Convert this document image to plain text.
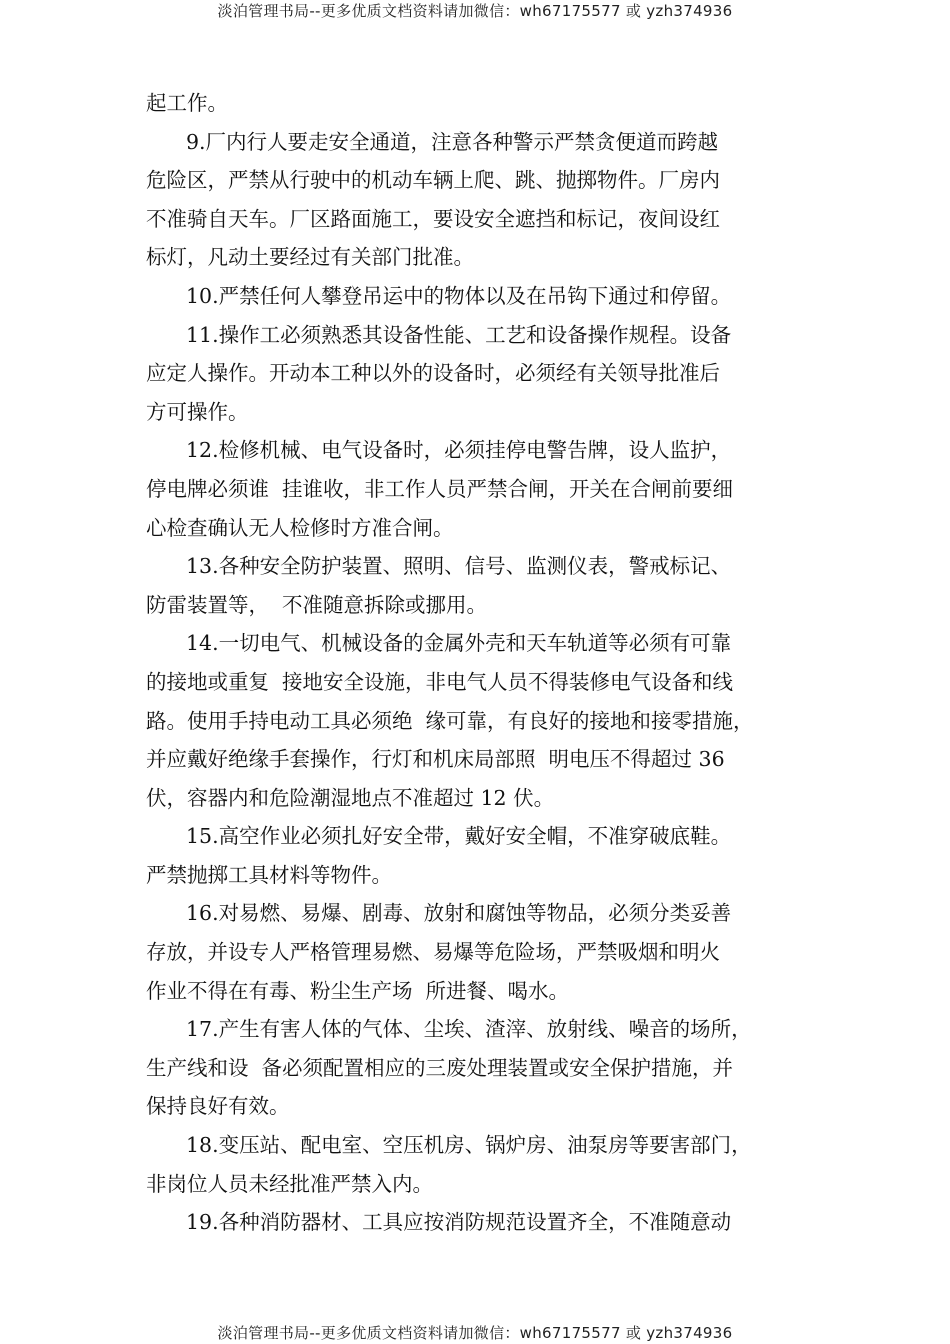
淡泊管理书局--更多优质文档资料请加微信：wh67175577 或 yzh374936
起工作。
9.厂内行人要走安全通道，注意各种警示严禁贪便道而跨越
危险区，严禁从行驶中的机动车辆上爬、跳、抛掷物件。厂房内
不准骑自天车。厂区路面施工，要设安全遮挡和标记，夜间设红
标灯，凡动土要经过有关部门批准。
10.严禁任何人攀登吊运中的物体以及在吊钩下通过和停留。
11.操作工必须熟悉其设备性能、工艺和设备操作规程。设备
应定人操作。开动本工种以外的设备时，必须经有关领导批准后
方可操作。
12.检修机械、电气设备时，必须挂停电警告牌，设人监护，
停电牌必须谁  挂谁收，非工作人员严禁合闸，开关在合闸前要细
心检查确认无人检修时方准合闸。
13.各种安全防护装置、照明、信号、监测仪表，警戒标记、
防雷装置等，  不准随意拆除或挪用。
14.一切电气、机械设备的金属外壳和天车轨道等必须有可靠
的接地或重复  接地安全设施，非电气人员不得装修电气设备和线
路。使用手持电动工具必须绝  缘可靠，有良好的接地和接零措施，
并应戴好绝缘手套操作，行灯和机床局部照  明电压不得超过 36
伏，容器内和危险潮湿地点不准超过 12 伏。
15.高空作业必须扎好安全带，戴好安全帽，不准穿破底鞋。
严禁抛掷工具材料等物件。
16.对易燃、易爆、剧毒、放射和腐蚀等物品，必须分类妥善
存放，并设专人严格管理易燃、易爆等危险场，严禁吸烟和明火
作业不得在有毒、粉尘生产场  所进餐、喝水。
17.产生有害人体的气体、尘埃、渣滓、放射线、噪音的场所，
生产线和设  备必须配置相应的三废处理装置或安全保护措施，并
保持良好有效。
18.变压站、配电室、空压机房、锅炉房、油泵房等要害部门，
非岗位人员未经批准严禁入内。
19.各种消防器材、工具应按消防规范设置齐全，不准随意动
淡泊管理书局--更多优质文档资料请加微信：wh67175577 或 yzh374936
